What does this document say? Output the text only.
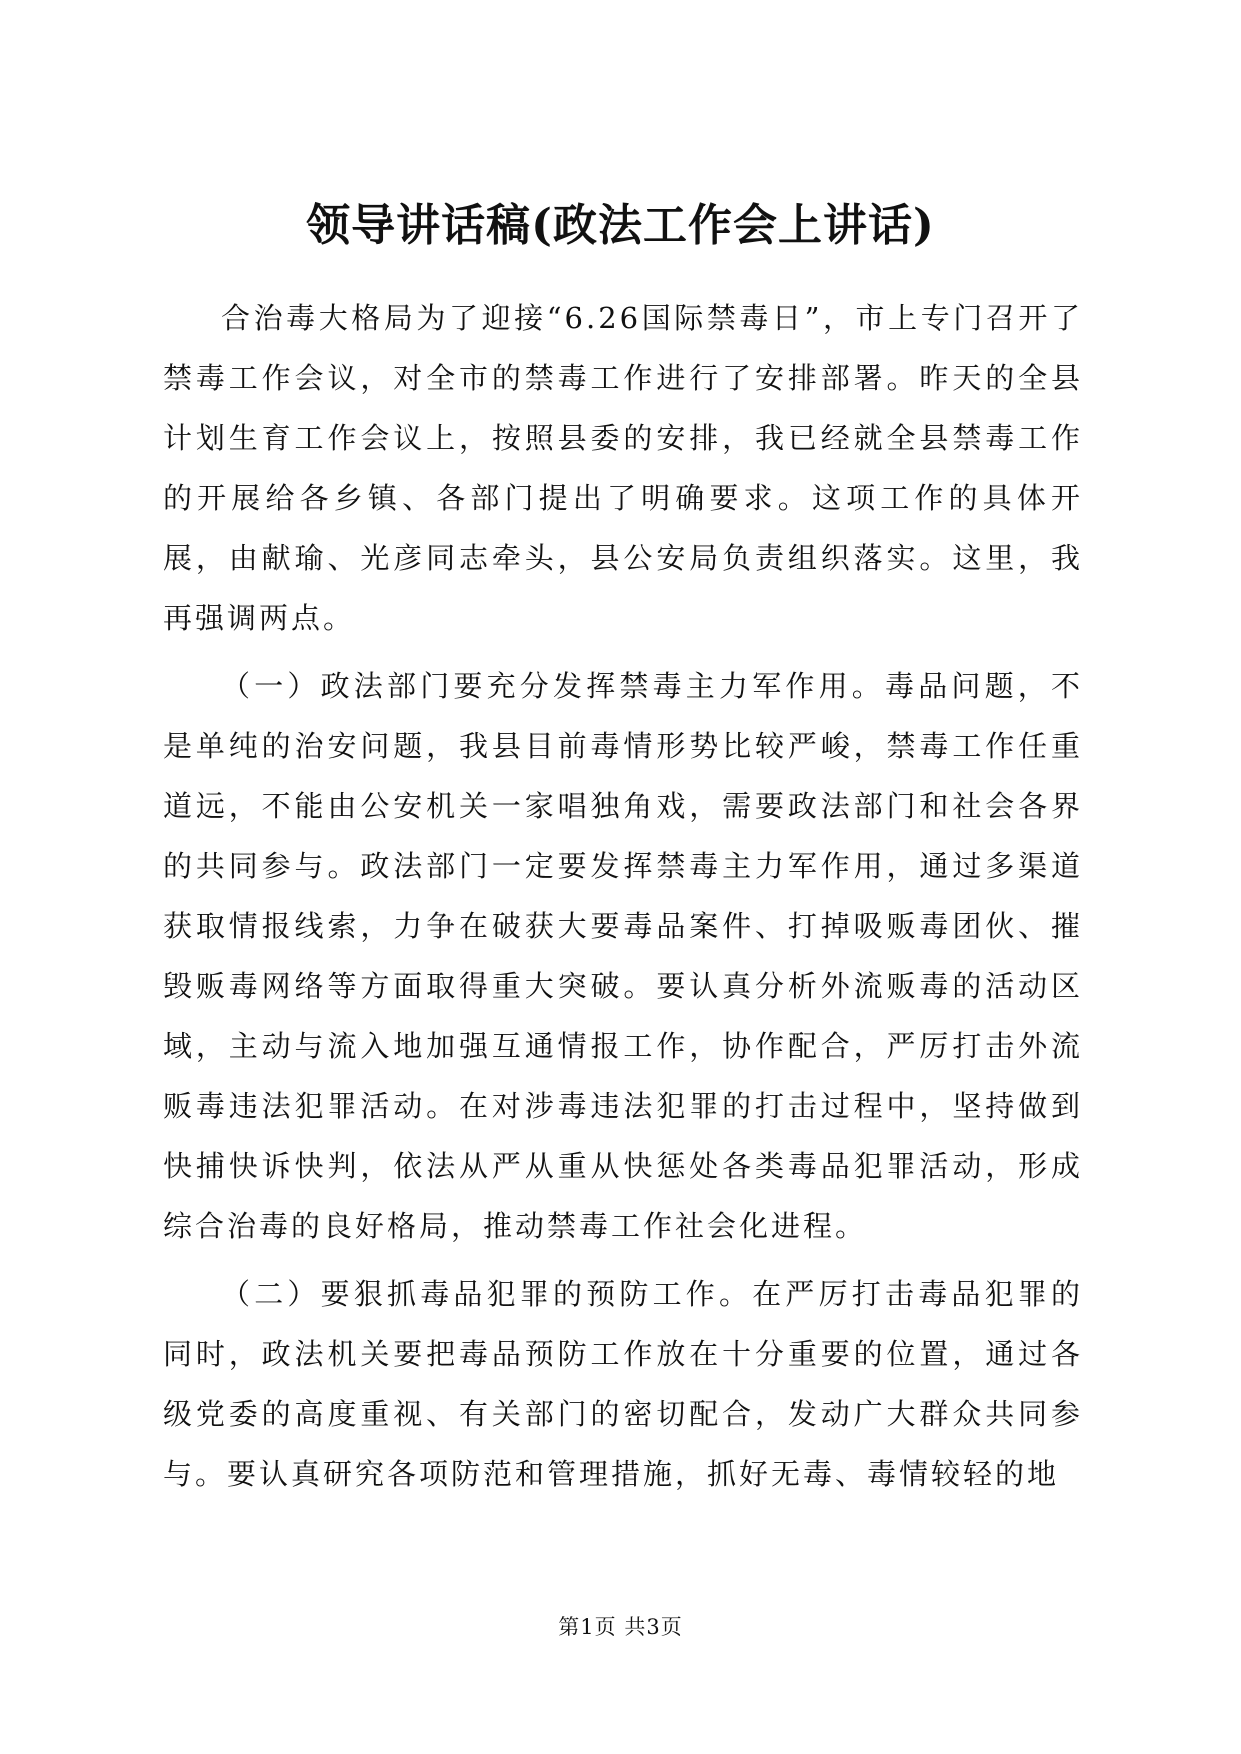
领导讲话稿(政法工作会上讲话)

合治毒大格局为了迎接“6.26国际禁毒日”，市上专门召开了禁毒工作会议，对全市的禁毒工作进行了安排部署。昨天的全县计划生育工作会议上，按照县委的安排，我已经就全县禁毒工作的开展给各乡镇、各部门提出了明确要求。这项工作的具体开展，由献瑜、光彦同志牵头，县公安局负责组织落实。这里，我再强调两点。

（一）政法部门要充分发挥禁毒主力军作用。毒品问题，不是单纯的治安问题，我县目前毒情形势比较严峻，禁毒工作任重道远，不能由公安机关一家唱独角戏，需要政法部门和社会各界的共同参与。政法部门一定要发挥禁毒主力军作用，通过多渠道获取情报线索，力争在破获大要毒品案件、打掉吸贩毒团伙、摧毁贩毒网络等方面取得重大突破。要认真分析外流贩毒的活动区域，主动与流入地加强互通情报工作，协作配合，严厉打击外流贩毒违法犯罪活动。在对涉毒违法犯罪的打击过程中，坚持做到快捕快诉快判，依法从严从重从快惩处各类毒品犯罪活动，形成综合治毒的良好格局，推动禁毒工作社会化进程。

（二）要狠抓毒品犯罪的预防工作。在严厉打击毒品犯罪的同时，政法机关要把毒品预防工作放在十分重要的位置，通过各级党委的高度重视、有关部门的密切配合，发动广大群众共同参与。要认真研究各项防范和管理措施，抓好无毒、毒情较轻的地

第1页 共3页
